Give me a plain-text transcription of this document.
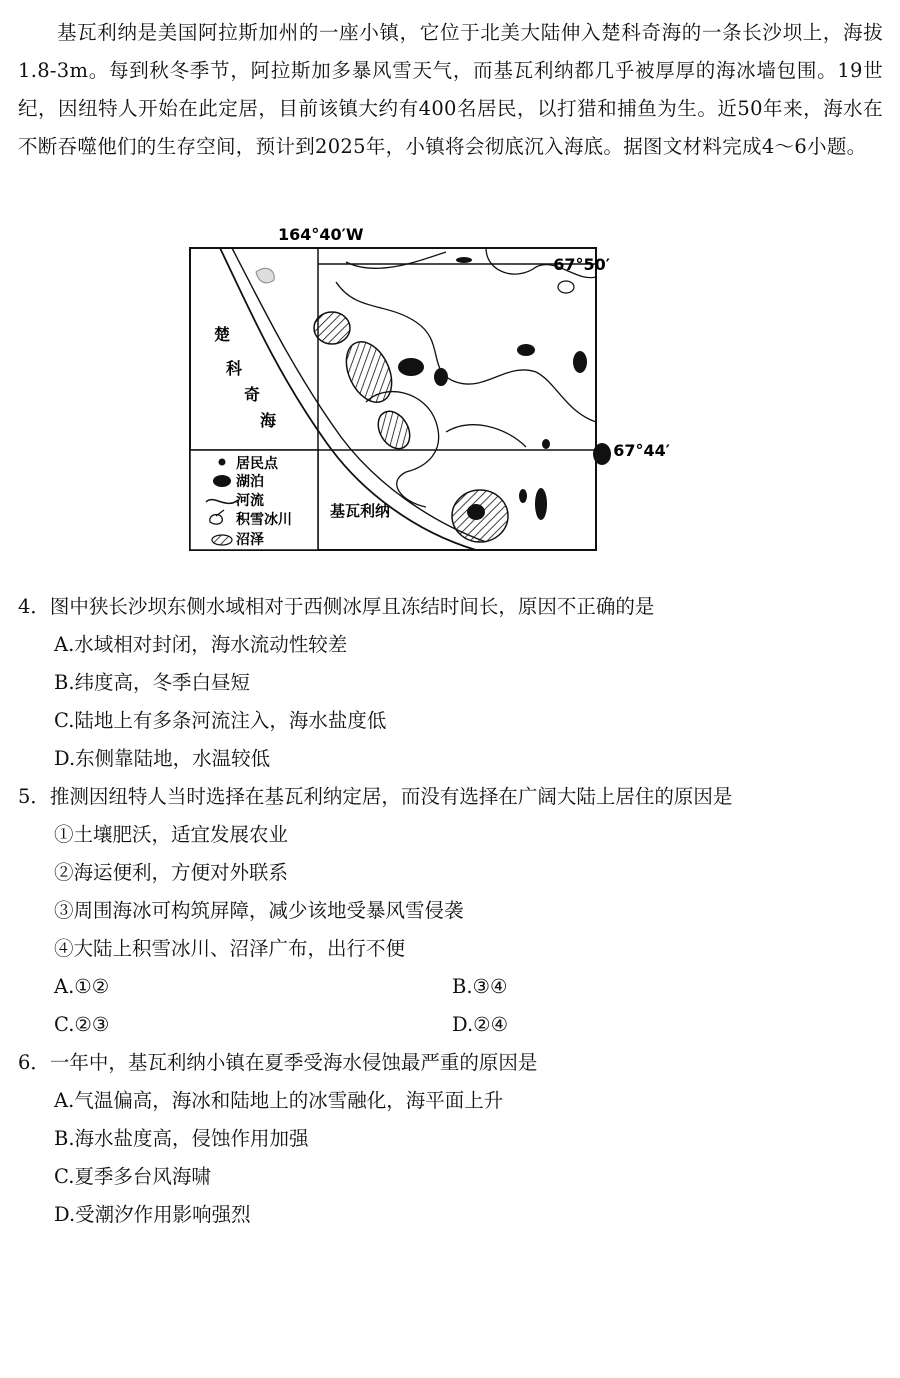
基瓦利纳是美国阿拉斯加州的一座小镇，它位于北美大陆伸入楚科奇海的一条长沙坝上，海拔1.8-3m。每到秋冬季节，阿拉斯加多暴风雪天气，而基瓦利纳都几乎被厚厚的海冰墙包围。19世纪，因纽特人开始在此定居，目前该镇大约有400名居民，以打猎和捕鱼为生。近50年来，海水在不断吞噬他们的生存空间，预计到2025年，小镇将会彻底沉入海底。据图文材料完成4～6小题。
164°40′W
67°50′
67°44′
楚
科
奇
海
基瓦利纳
居民点
湖泊
河流
积雪冰川
沼泽
4．图中狭长沙坝东侧水域相对于西侧冰厚且冻结时间长，原因不正确的是
A.水域相对封闭，海水流动性较差
B.纬度高，冬季白昼短
C.陆地上有多条河流注入，海水盐度低
D.东侧靠陆地，水温较低
5．推测因纽特人当时选择在基瓦利纳定居，而没有选择在广阔大陆上居住的原因是
①土壤肥沃，适宜发展农业
②海运便利，方便对外联系
③周围海冰可构筑屏障，减少该地受暴风雪侵袭
④大陆上积雪冰川、沼泽广布，出行不便
A.①②	B.③④
C.②③	D.②④
6．一年中，基瓦利纳小镇在夏季受海水侵蚀最严重的原因是
A.气温偏高，海冰和陆地上的冰雪融化，海平面上升
B.海水盐度高，侵蚀作用加强
C.夏季多台风海啸
D.受潮汐作用影响强烈
